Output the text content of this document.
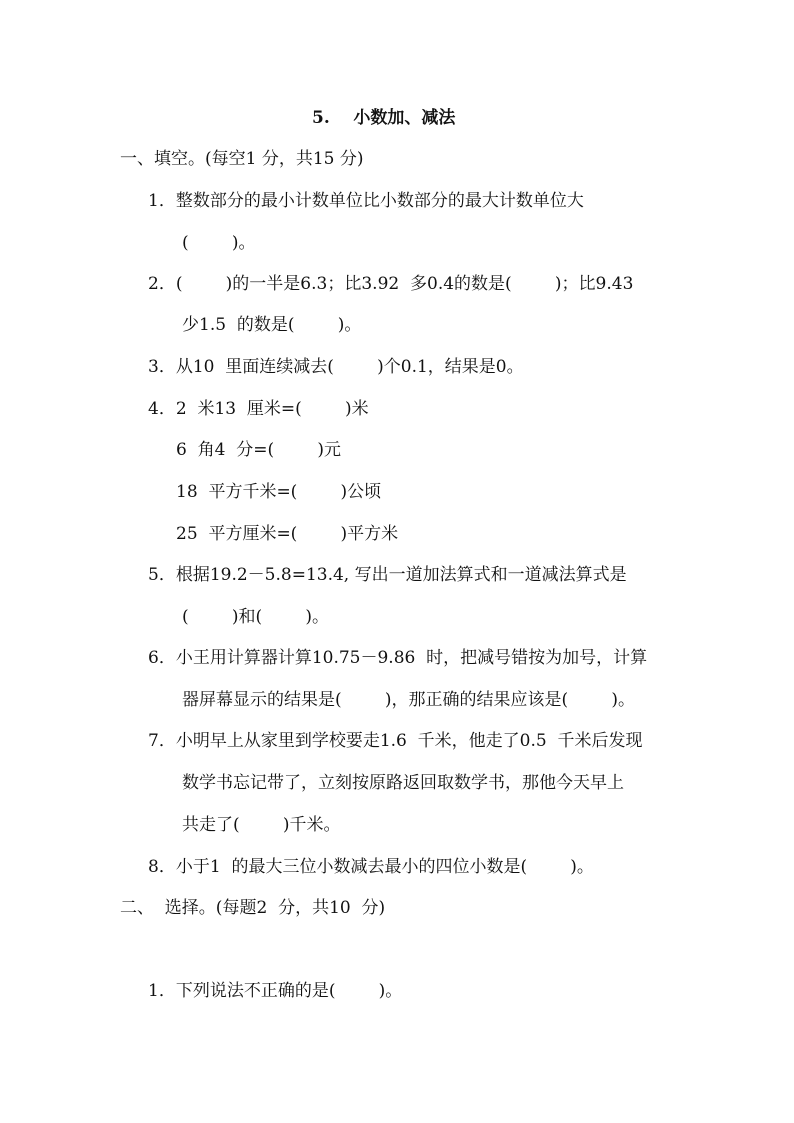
5.    小数加、减法
一、填空。(每空1 分，共15 分)
1．整数部分的最小计数单位比小数部分的最大计数单位大
(        )。
2．(        )的一半是6.3；比3.92  多0.4的数是(        )；比9.43
少1.5  的数是(        )。
3．从10  里面连续减去(        )个0.1，结果是0。
4．2  米13  厘米=(        )米
6  角4  分=(        )元
18  平方千米=(        )公顷
25  平方厘米=(        )平方米
5．根据19.2－5.8=13.4, 写出一道加法算式和一道减法算式是
(        )和(        )。
6．小王用计算器计算10.75－9.86  时，把减号错按为加号，计算
器屏幕显示的结果是(        )，那正确的结果应该是(        )。
7．小明早上从家里到学校要走1.6  千米，他走了0.5  千米后发现
数学书忘记带了，立刻按原路返回取数学书，那他今天早上
共走了(        )千米。
8．小于1  的最大三位小数减去最小的四位小数是(        )。
二、  选择。(每题2  分，共10  分)
1．下列说法不正确的是(        )。
